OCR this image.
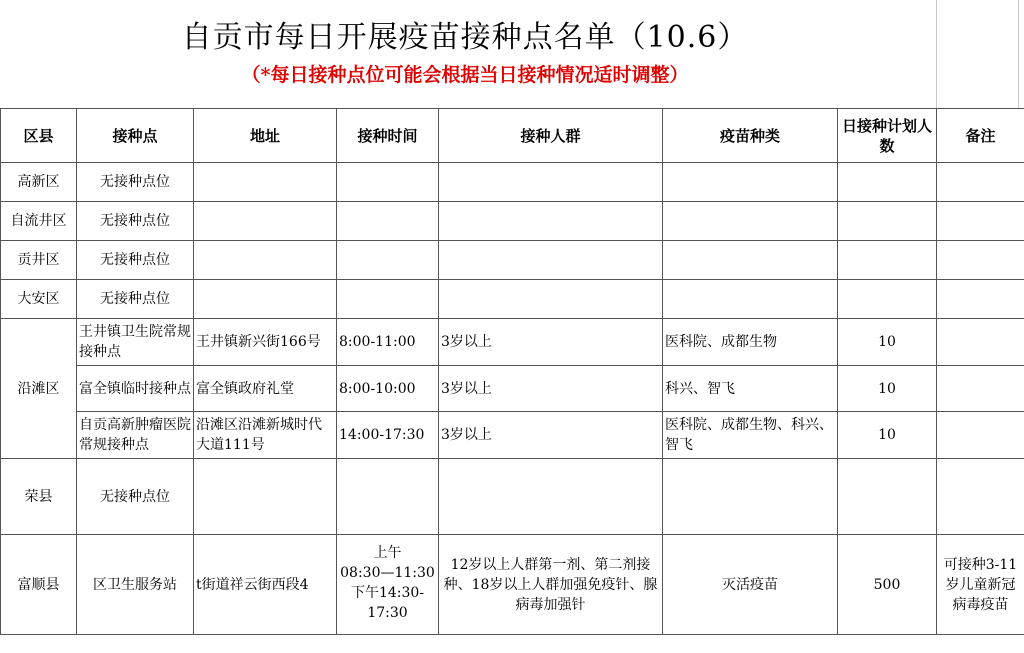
自贡市每日开展疫苗接种点名单（10.6）
（*每日接种点位可能会根据当日接种情况适时调整）
区县	接种点	地址	接种时间	接种人群	疫苗种类	日接种计划人数	备注
高新区	无接种点位						
自流井区	无接种点位						
贡井区	无接种点位						
大安区	无接种点位						
沿滩区	王井镇卫生院常规接种点	王井镇新兴街166号	8:00-11:00	3岁以上	医科院、成都生物	10	
	富全镇临时接种点	富全镇政府礼堂	8:00-10:00	3岁以上	科兴、智飞	10	
	自贡高新肿瘤医院常规接种点	沿滩区沿滩新城时代大道111号	14:00-17:30	3岁以上	医科院、成都生物、科兴、智飞	10	
荣县	无接种点位						
富顺县	区卫生服务站	t街道祥云街西段4	上午
08:30—11:30
下午14:30-17:30	12岁以上人群第一剂、第二剂接种、18岁以上人群加强免疫针、腺病毒加强针	灭活疫苗	500	可接种3-11岁儿童新冠病毒疫苗
